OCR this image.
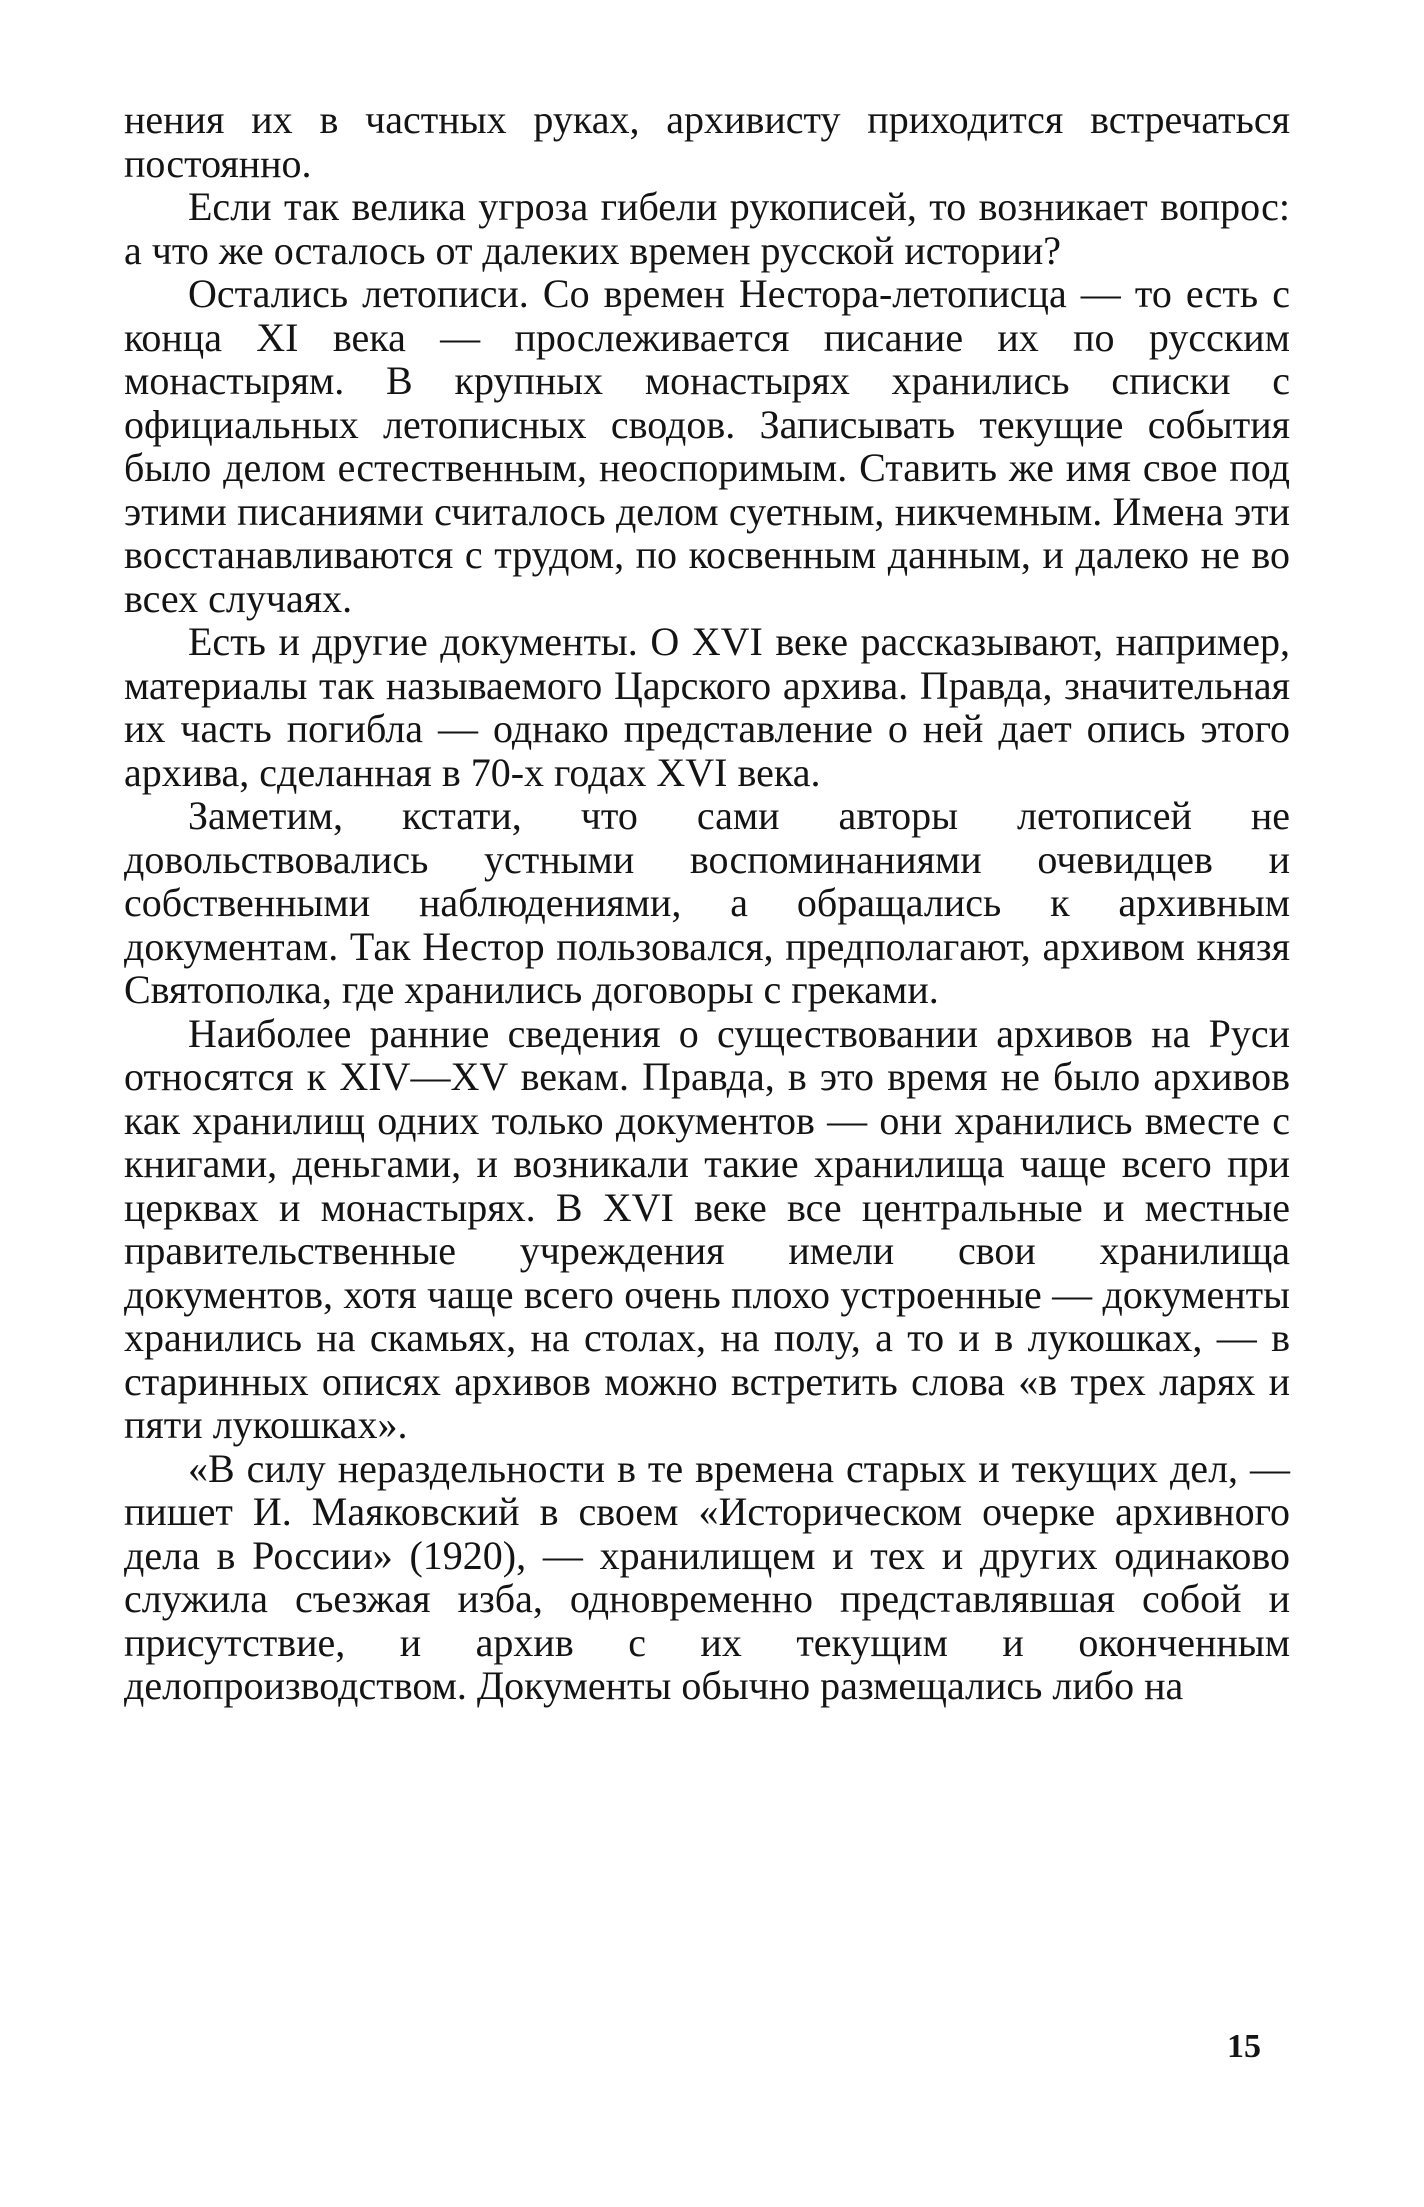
нения их в частных руках, архивисту приходится встречаться постоянно.

Если так велика угроза гибели рукописей, то возникает вопрос: а что же осталось от далеких времен русской истории?

Остались летописи. Со времен Нестора-летописца — то есть с конца XI века — прослеживается писание их по русским монастырям. В крупных монастырях хранились списки с официальных летописных сводов. Записывать текущие события было делом естественным, неоспоримым. Ставить же имя свое под этими писаниями считалось делом суетным, никчемным. Имена эти восстанавливаются с трудом, по косвенным данным, и далеко не во всех случаях.

Есть и другие документы. О XVI веке рассказывают, например, материалы так называемого Царского архива. Правда, значительная их часть погибла — однако представление о ней дает опись этого архива, сделанная в 70-х годах XVI века.

Заметим, кстати, что сами авторы летописей не довольствовались устными воспоминаниями очевидцев и собственными наблюдениями, а обращались к архивным документам. Так Нестор пользовался, предполагают, архивом князя Святополка, где хранились договоры с греками.

Наиболее ранние сведения о существовании архивов на Руси относятся к XIV—XV векам. Правда, в это время не было архивов как хранилищ одних только документов — они хранились вместе с книгами, деньгами, и возникали такие хранилища чаще всего при церквах и монастырях. В XVI веке все центральные и местные правительственные учреждения имели свои хранилища документов, хотя чаще всего очень плохо устроенные — документы хранились на скамьях, на столах, на полу, а то и в лукошках, — в старинных описях архивов можно встретить слова «в трех ларях и пяти лукошках».

«В силу нераздельности в те времена старых и текущих дел, — пишет И. Маяковский в своем «Историческом очерке архивного дела в России» (1920), — хранилищем и тех и других одинаково служила съезжая изба, одновременно представлявшая собой и присутствие, и архив с их текущим и оконченным делопроизводством. Документы обычно размещались либо на

15
